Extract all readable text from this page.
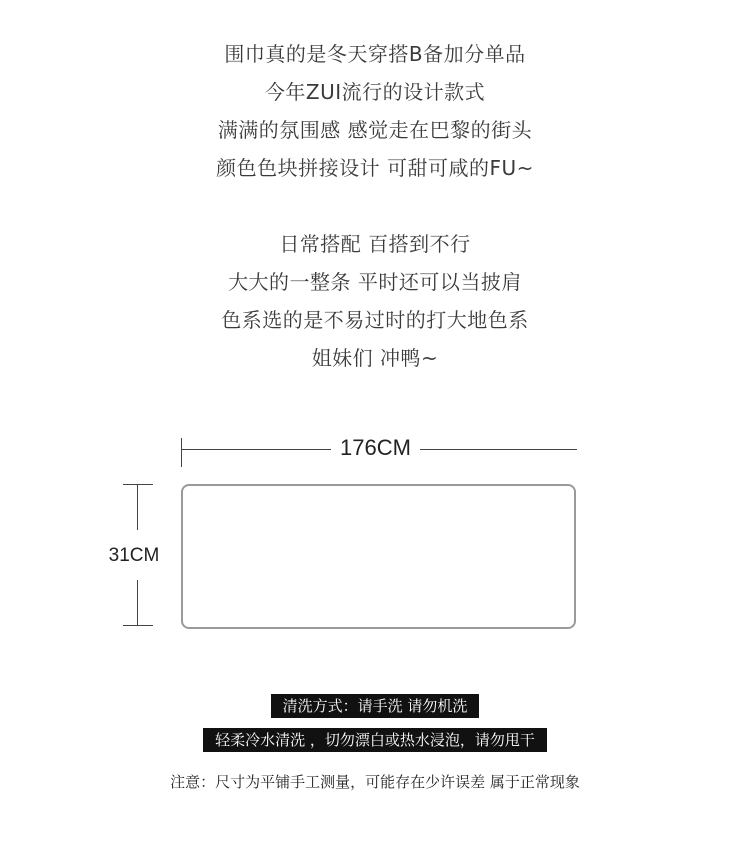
围巾真的是冬天穿搭B备加分单品
今年ZUI流行的设计款式
满满的氛围感 感觉走在巴黎的街头
颜色色块拼接设计 可甜可咸的FU~
日常搭配 百搭到不行
大大的一整条 平时还可以当披肩
色系选的是不易过时的打大地色系
姐妹们 冲鸭~
176CM
31CM
清洗方式：请手洗 请勿机洗
轻柔冷水清洗 ，切勿漂白或热水浸泡，请勿甩干
注意：尺寸为平铺手工测量，可能存在少许误差 属于正常现象
